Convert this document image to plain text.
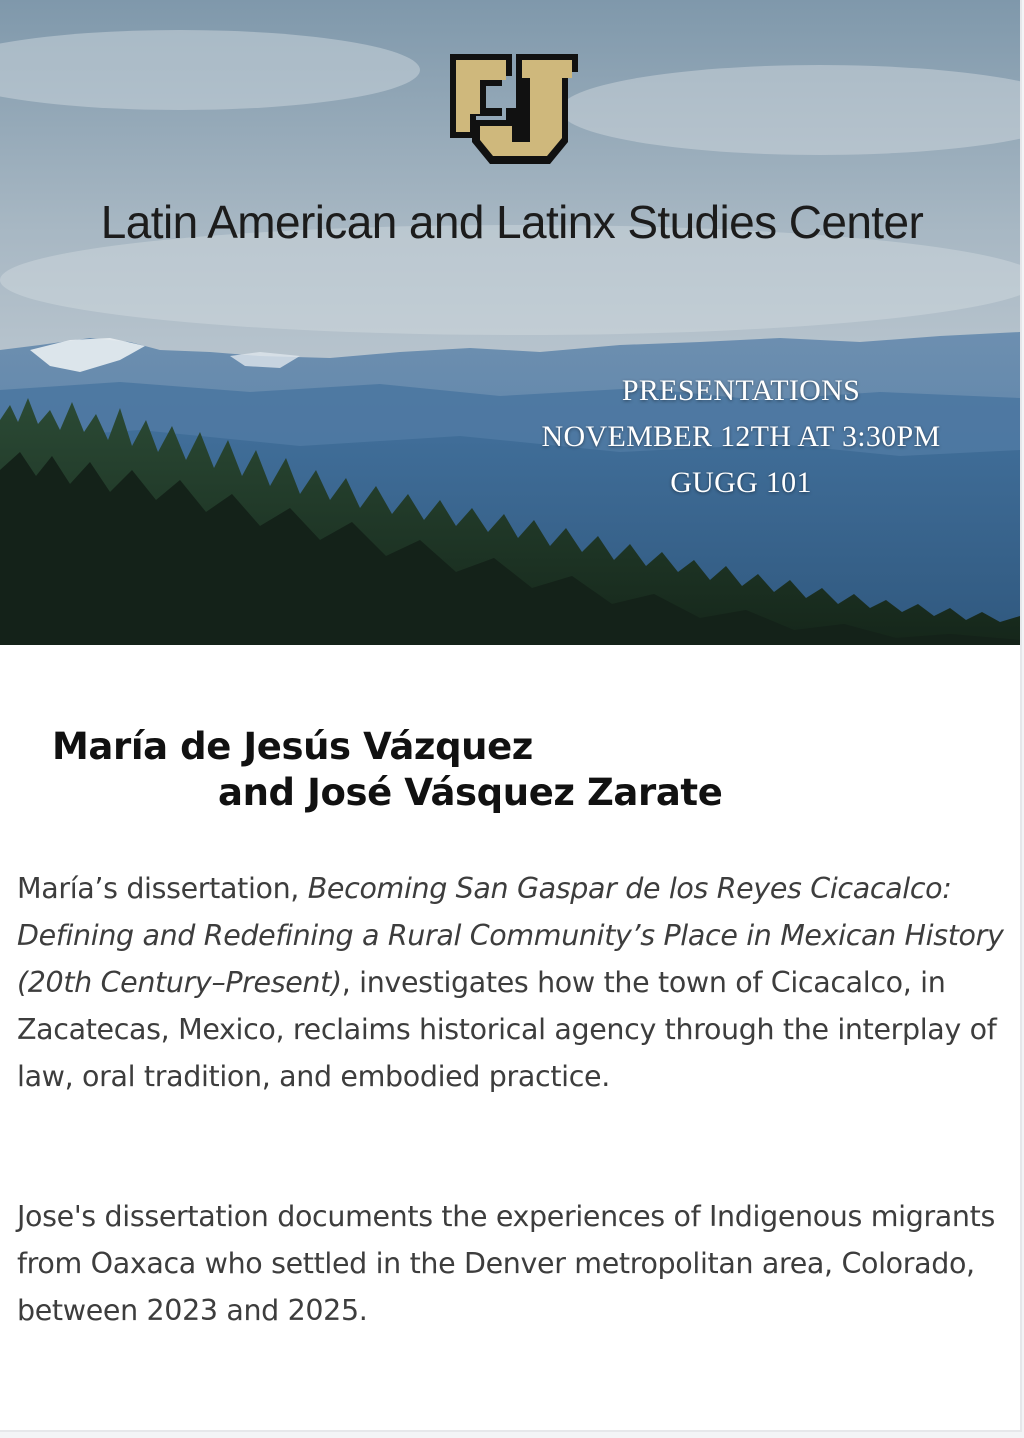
CU
Latin American and Latinx Studies Center
PRESENTATIONS
NOVEMBER 12TH AT 3:30PM
GUGG 101
María de Jesús Vázquez
and José Vásquez Zarate

María’s dissertation, Becoming San Gaspar de los Reyes Cicacalco: Defining and Redefining a Rural Community’s Place in Mexican History (20th Century–Present), investigates how the town of Cicacalco, in Zacatecas, Mexico, reclaims historical agency through the interplay of law, oral tradition, and embodied practice.

Jose's dissertation documents the experiences of Indigenous migrants from Oaxaca who settled in the Denver metropolitan area, Colorado, between 2023 and 2025.
